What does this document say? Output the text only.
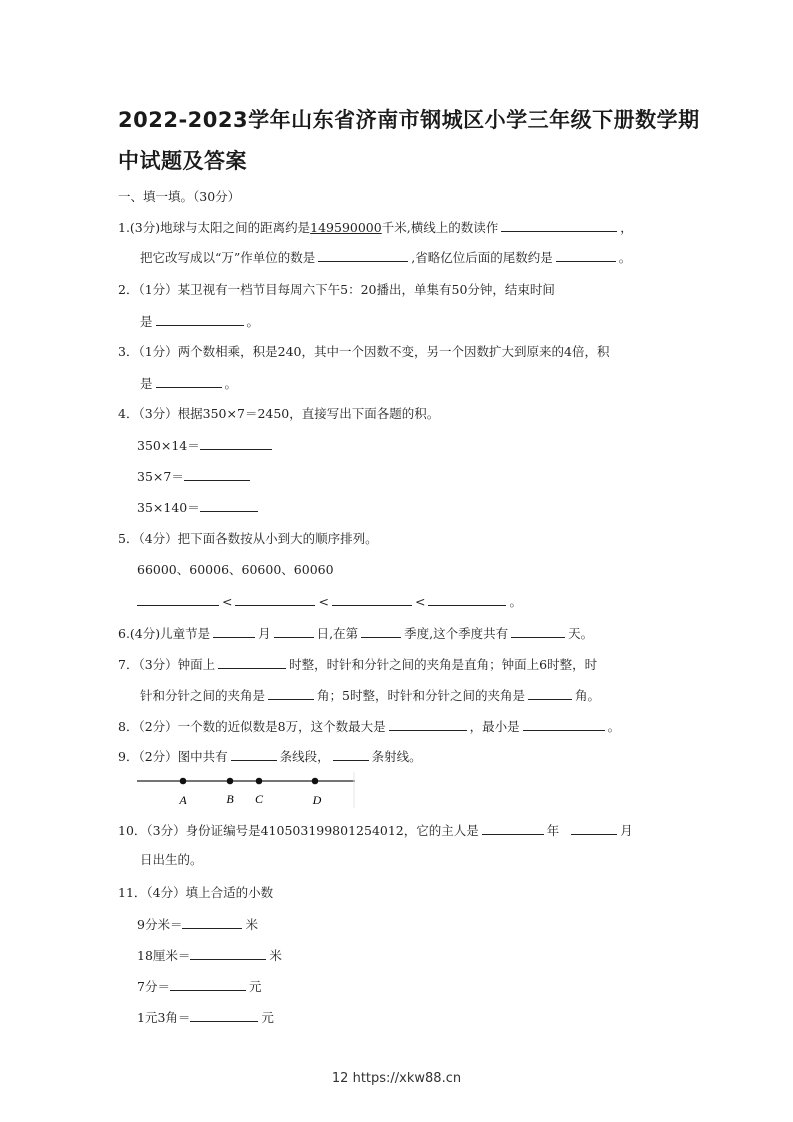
2022-2023学年山东省济南市钢城区小学三年级下册数学期
中试题及答案
一、填一填。（30分）
1.(3分)地球与太阳之间的距离约是149590000千米,横线上的数读作	，
把它改写成以“万”作单位的数是	,省略亿位后面的尾数约是	。
2．（1分）某卫视有一档节目每周六下午5：20播出，单集有50分钟，结束时间
是	。
3．（1分）两个数相乘，积是240，其中一个因数不变，另一个因数扩大到原来的4倍，积
是	。
4．（3分）根据350×7＝2450，直接写出下面各题的积。
350×14＝
35×7＝
35×140＝
5．（4分）把下面各数按从小到大的顺序排列。
66000、60006、60600、60060
<	<	<	。
6.(4分)儿童节是	月	日,在第	季度,这个季度共有	天。
7．（3分）钟面上	时整，时针和分针之间的夹角是直角；钟面上6时整，时
针和分针之间的夹角是	角；5时整，时针和分针之间的夹角是	角。
8．（2分）一个数的近似数是8万，这个数最大是	，最小是	。
9．（2分）图中共有	条线段，	条射线。
A	B C	D
10．（3分）身份证编号是410503199801254012，它的主人是	年	月
日出生的。
11．（4分）填上合适的小数
9分米＝	米
18厘米＝	米
7分＝	元
1元3角＝	元
12 https://xkw88.cn
